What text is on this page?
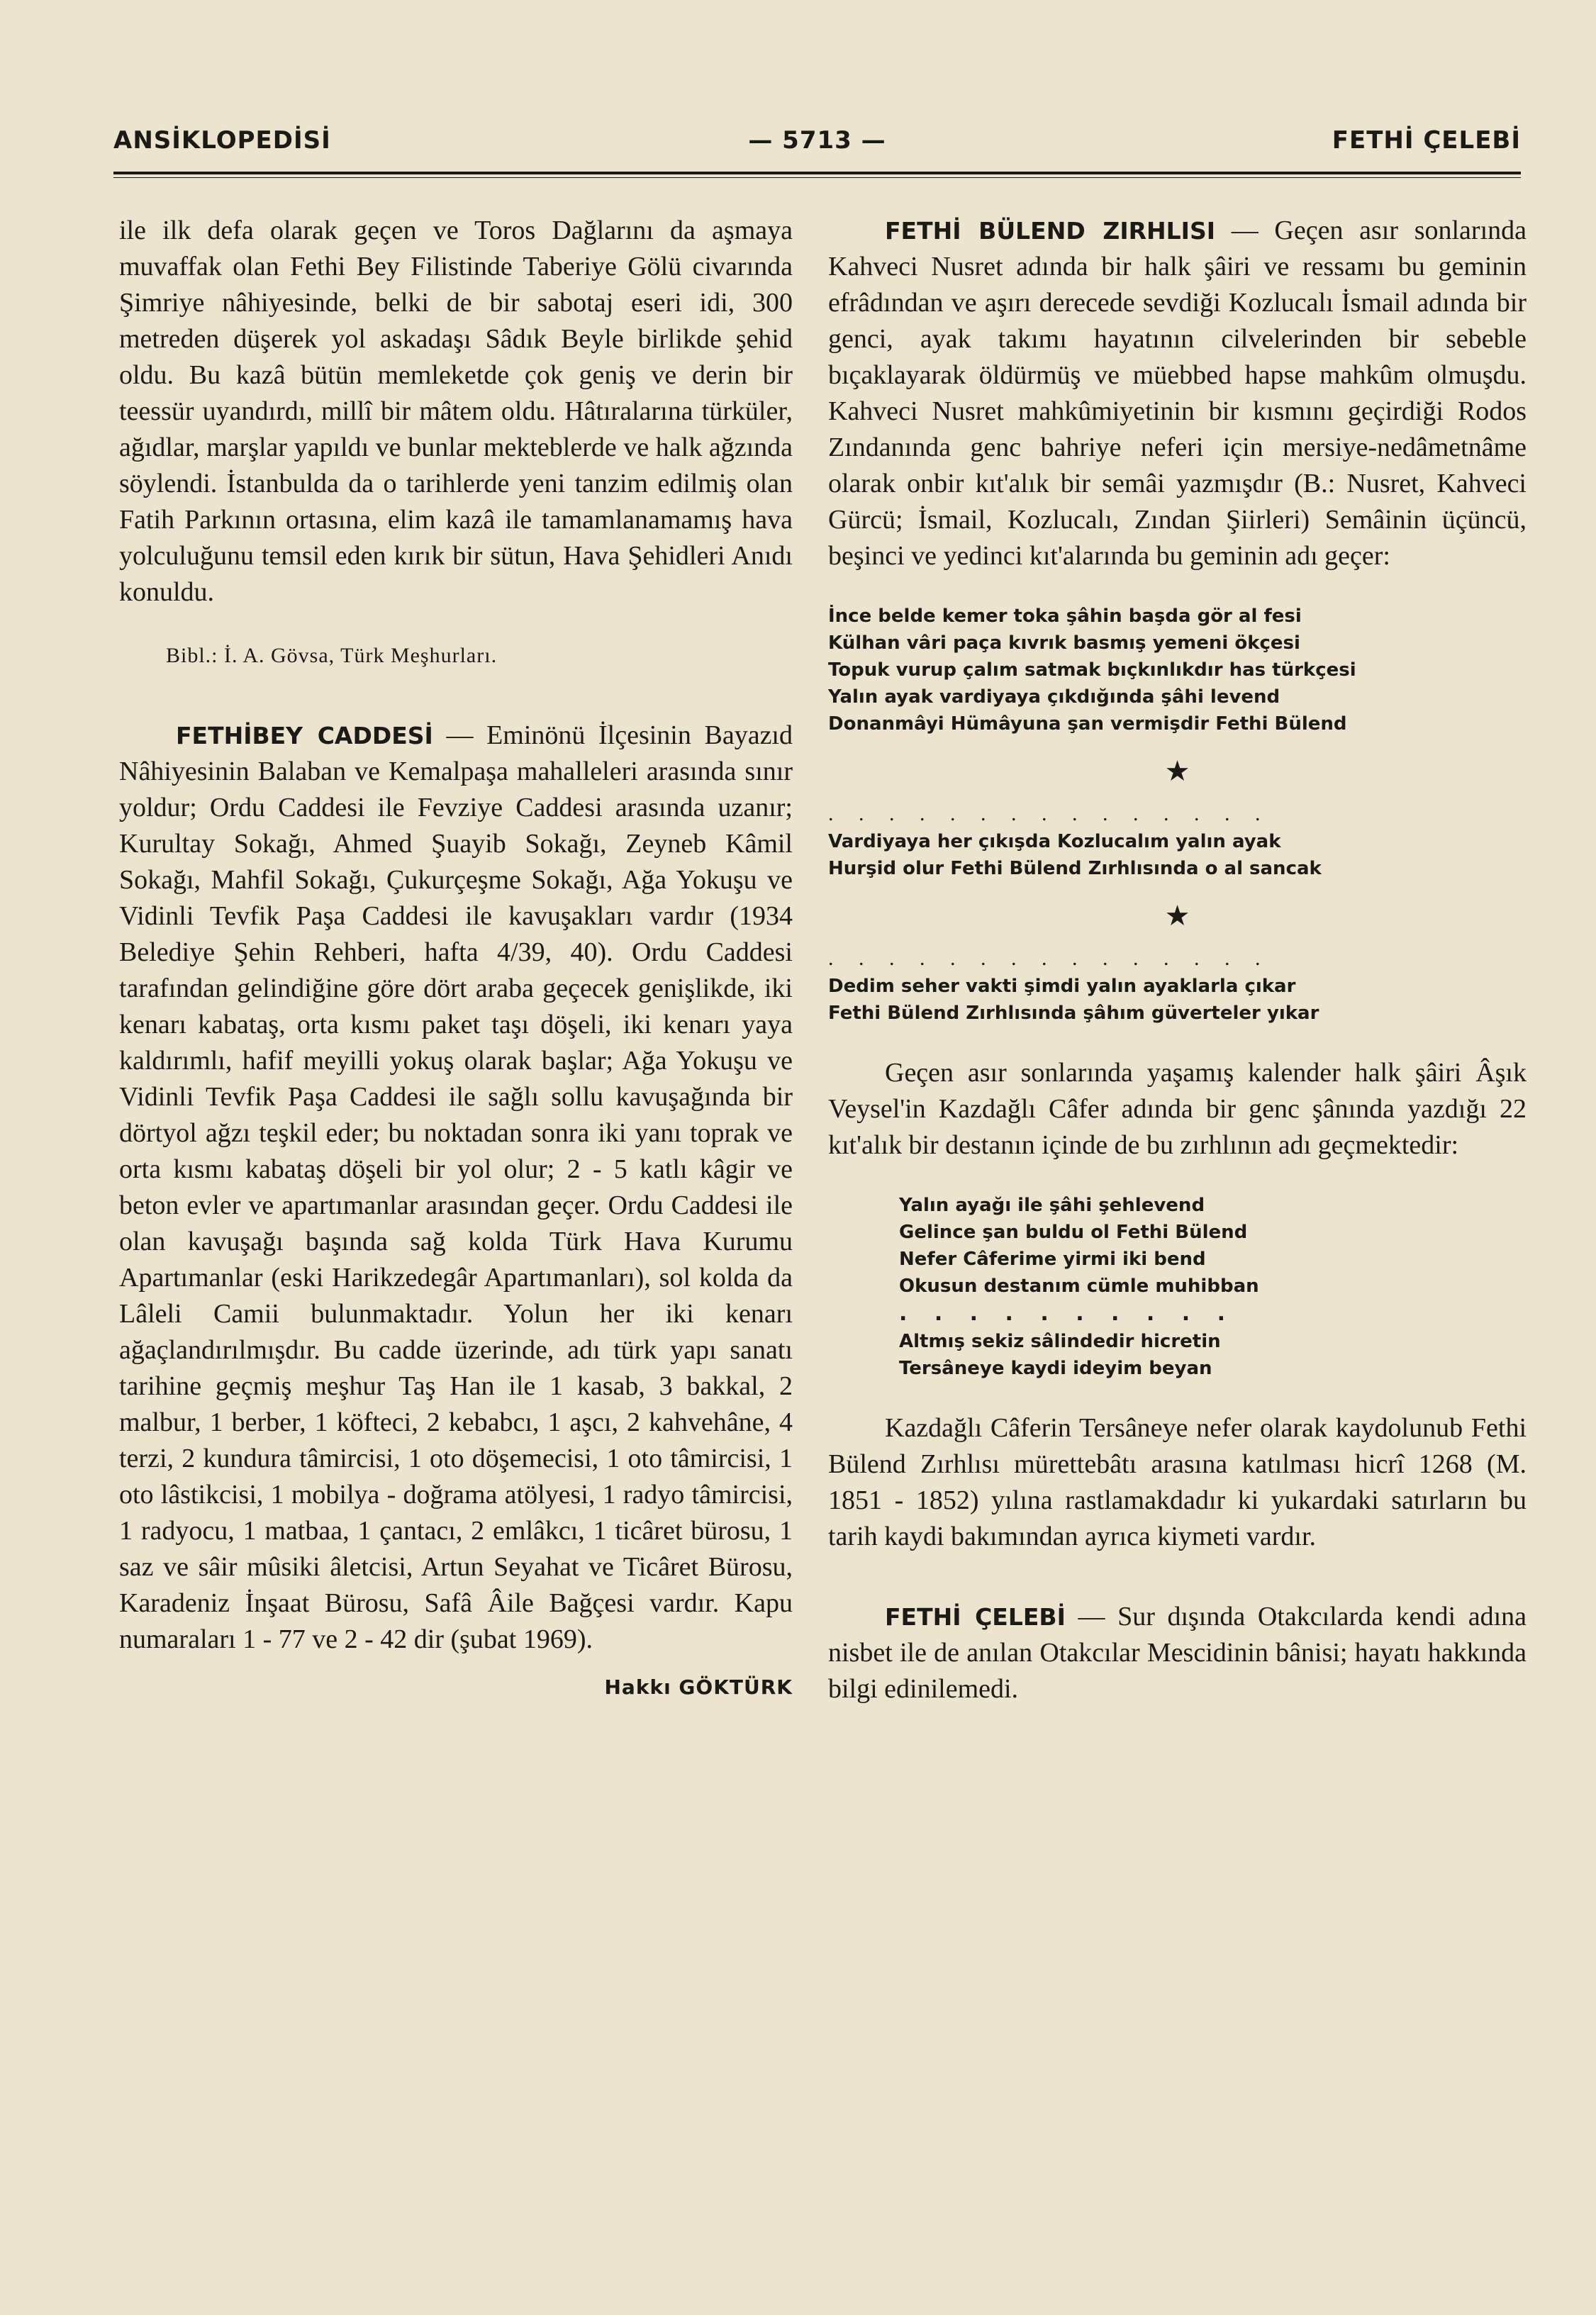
ANSİKLOPEDİSİ	— 5713 —	FETHİ ÇELEBİ

ile ilk defa olarak geçen ve Toros Dağlarını da aşmaya muvaffak olan Fethi Bey Filistinde Taberiye Gölü civarında Şimriye nâhiyesinde, belki de bir sabotaj eseri idi, 300 metreden düşerek yol askadaşı Sâdık Beyle birlikde şehid oldu. Bu kazâ bütün memleketde çok geniş ve derin bir teessür uyandırdı, millî bir mâtem oldu. Hâtıralarına türküler, ağıdlar, marşlar yapıldı ve bunlar mekteblerde ve halk ağzında söylendi. İstanbulda da o tarihlerde yeni tanzim edilmiş olan Fatih Parkının ortasına, elim kazâ ile tamamlanamamış hava yolculuğunu temsil eden kırık bir sütun, Hava Şehidleri Anıdı konuldu.

Bibl.: İ. A. Gövsa, Türk Meşhurları.

FETHİBEY CADDESİ — Eminönü İlçesinin Bayazıd Nâhiyesinin Balaban ve Kemalpaşa mahalleleri arasında sınır yoldur; Ordu Caddesi ile Fevziye Caddesi arasında uzanır; Kurultay Sokağı, Ahmed Şuayib Sokağı, Zeyneb Kâmil Sokağı, Mahfil Sokağı, Çukurçeşme Sokağı, Ağa Yokuşu ve Vidinli Tevfik Paşa Caddesi ile kavuşakları vardır (1934 Belediye Şehin Rehberi, hafta 4/39, 40). Ordu Caddesi tarafından gelindiğine göre dört araba geçecek genişlikde, iki kenarı kabataş, orta kısmı paket taşı döşeli, iki kenarı yaya kaldırımlı, hafif meyilli yokuş olarak başlar; Ağa Yokuşu ve Vidinli Tevfik Paşa Caddesi ile sağlı sollu kavuşağında bir dörtyol ağzı teşkil eder; bu noktadan sonra iki yanı toprak ve orta kısmı kabataş döşeli bir yol olur; 2 - 5 katlı kâgir ve beton evler ve apartımanlar arasından geçer. Ordu Caddesi ile olan kavuşağı başında sağ kolda Türk Hava Kurumu Apartımanlar (eski Harikzedegâr Apartımanları), sol kolda da Lâleli Camii bulunmaktadır. Yolun her iki kenarı ağaçlandırılmışdır. Bu cadde üzerinde, adı türk yapı sanatı tarihine geçmiş meşhur Taş Han ile 1 kasab, 3 bakkal, 2 malbur, 1 berber, 1 köfteci, 2 kebabcı, 1 aşcı, 2 kahvehâne, 4 terzi, 2 kundura tâmircisi, 1 oto döşemecisi, 1 oto tâmircisi, 1 oto lâstikcisi, 1 mobilya - doğrama atölyesi, 1 radyo tâmircisi, 1 radyocu, 1 matbaa, 1 çantacı, 2 emlâkcı, 1 ticâret bürosu, 1 saz ve sâir mûsiki âletcisi, Artun Seyahat ve Ticâret Bürosu, Karadeniz İnşaat Bürosu, Safâ Âile Bağçesi vardır. Kapu numaraları 1 - 77 ve 2 - 42 dir (şubat 1969).

Hakkı GÖKTÜRK

FETHİ BÜLEND ZIRHLISI — Geçen asır sonlarında Kahveci Nusret adında bir halk şâiri ve ressamı bu geminin efrâdından ve aşırı derecede sevdiği Kozlucalı İsmail adında bir genci, ayak takımı hayatının cilvelerinden bir sebeble bıçaklayarak öldürmüş ve müebbed hapse mahkûm olmuşdu. Kahveci Nusret mahkûmiyetinin bir kısmını geçirdiği Rodos Zındanında genc bahriye neferi için mersiye-nedâmetnâme olarak onbir kıt'alık bir semâi yazmışdır (B.: Nusret, Kahveci Gürcü; İsmail, Kozlucalı, Zından Şiirleri) Semâinin üçüncü, beşinci ve yedinci kıt'alarında bu geminin adı geçer:

İnce belde kemer toka şâhin başda gör al fesi
Külhan vâri paça kıvrık basmış yemeni ökçesi
Topuk vurup çalım satmak bıçkınlıkdır has türkçesi
Yalın ayak vardiyaya çıkdığında şâhi levend
Donanmâyi Hümâyuna şan vermişdir Fethi Bülend
★
. . . . . . . . . . . . . . .
Vardiyaya her çıkışda Kozlucalım yalın ayak
Hurşid olur Fethi Bülend Zırhlısında o al sancak
★
. . . . . . . . . . . . . . .
Dedim seher vakti şimdi yalın ayaklarla çıkar
Fethi Bülend Zırhlısında şâhım güverteler yıkar

Geçen asır sonlarında yaşamış kalender halk şâiri Âşık Veysel'in Kazdağlı Câfer adında bir genc şânında yazdığı 22 kıt'alık bir destanın içinde de bu zırhlının adı geçmektedir:

Yalın ayağı ile şâhi şehlevend
Gelince şan buldu ol Fethi Bülend
Nefer Câferime yirmi iki bend
Okusun destanım cümle muhibban
. . . . . . . . . .
Altmış sekiz sâlindedir hicretin
Tersâneye kaydi ideyim beyan

Kazdağlı Câferin Tersâneye nefer olarak kaydolunub Fethi Bülend Zırhlısı mürettebâtı arasına katılması hicrî 1268 (M. 1851 - 1852) yılına rastlamakdadır ki yukardaki satırların bu tarih kaydi bakımından ayrıca kiymeti vardır.

FETHİ ÇELEBİ — Sur dışında Otakcılarda kendi adına nisbet ile de anılan Otakcılar Mescidinin bânisi; hayatı hakkında bilgi edinilemedi.
